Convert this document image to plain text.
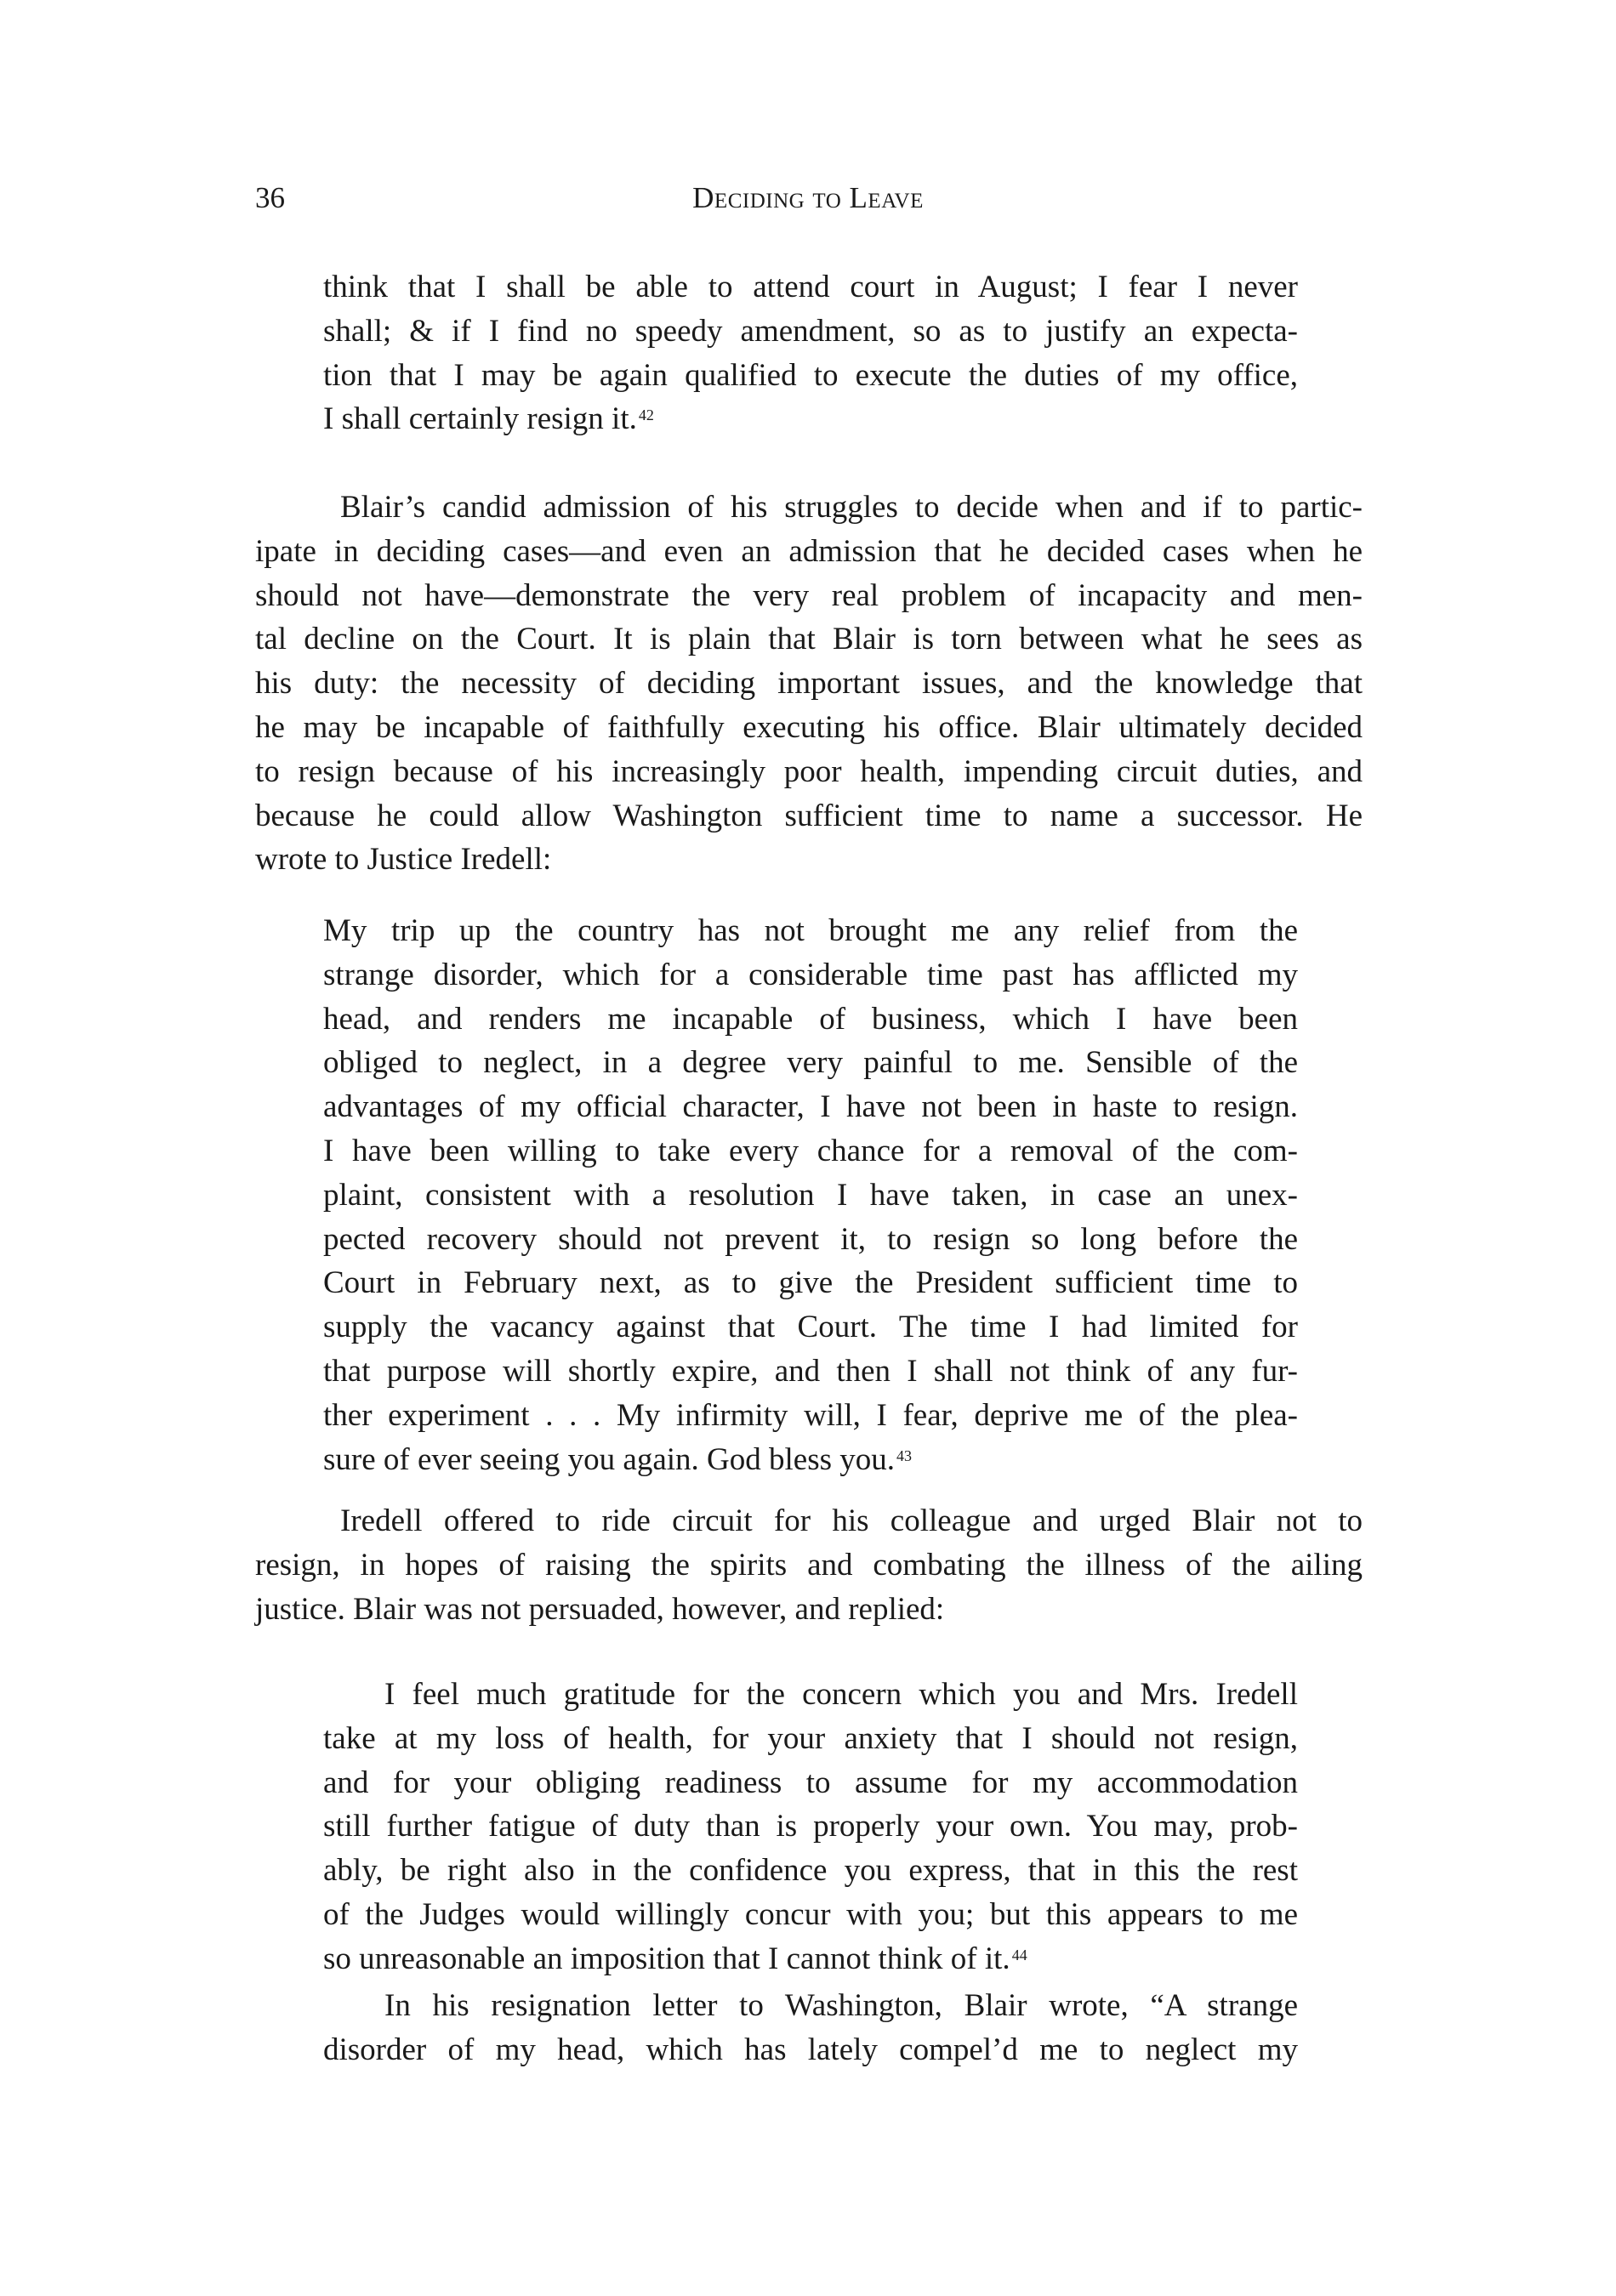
36	Deciding to Leave
think that I shall be able to attend court in August; I fear I never
shall; & if I find no speedy amendment, so as to justify an expecta-
tion that I may be again qualified to execute the duties of my office,
I shall certainly resign it. $^{42}$
Blair’s candid admission of his struggles to decide when and if to partic-
ipate in deciding cases—and even an admission that he decided cases when he
should not have—demonstrate the very real problem of incapacity and men-
tal decline on the Court. It is plain that Blair is torn between what he sees as
his duty: the necessity of deciding important issues, and the knowledge that
he may be incapable of faithfully executing his office. Blair ultimately decided
to resign because of his increasingly poor health, impending circuit duties, and
because he could allow Washington sufficient time to name a successor. He
wrote to Justice Iredell:
My trip up the country has not brought me any relief from the
strange disorder, which for a considerable time past has afflicted my
head, and renders me incapable of business, which I have been
obliged to neglect, in a degree very painful to me. Sensible of the
advantages of my official character, I have not been in haste to resign.
I have been willing to take every chance for a removal of the com-
plaint, consistent with a resolution I have taken, in case an unex-
pected recovery should not prevent it, to resign so long before the
Court in February next, as to give the President sufficient time to
supply the vacancy against that Court. The time I had limited for
that purpose will shortly expire, and then I shall not think of any fur-
ther experiment . . . My infirmity will, I fear, deprive me of the plea-
sure of ever seeing you again. God bless you. $^{43}$
Iredell offered to ride circuit for his colleague and urged Blair not to
resign, in hopes of raising the spirits and combating the illness of the ailing
justice. Blair was not persuaded, however, and replied:
I feel much gratitude for the concern which you and Mrs. Iredell
take at my loss of health, for your anxiety that I should not resign,
and for your obliging readiness to assume for my accommodation
still further fatigue of duty than is properly your own. You may, prob-
ably, be right also in the confidence you express, that in this the rest
of the Judges would willingly concur with you; but this appears to me
so unreasonable an imposition that I cannot think of it. $^{44}$
In his resignation letter to Washington, Blair wrote, “A strange
disorder of my head, which has lately compel’d me to neglect my
